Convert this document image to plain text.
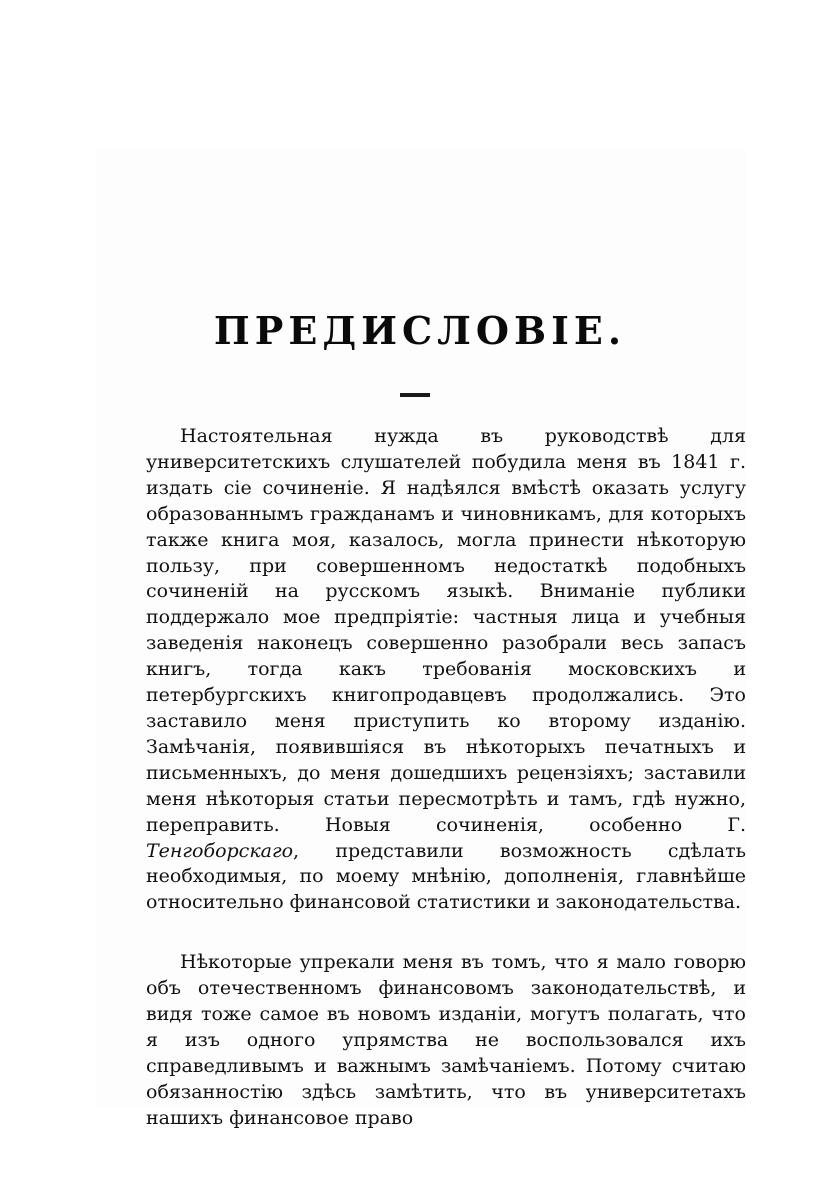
ПРЕДИСЛОВІЕ.

Настоятельная нужда въ руководствѣ для университетскихъ слушателей побудила меня въ 1841 г. издать сіе сочиненіе. Я надѣялся вмѣстѣ оказать услугу образованнымъ гражданамъ и чиновникамъ, для которыхъ также книга моя, казалось, могла принести нѣкоторую пользу, при совершенномъ недостаткѣ подобныхъ сочиненій на русскомъ языкѣ. Вниманіе публики поддержало мое предпріятіе: частныя лица и учебныя заведенія наконецъ совершенно разобрали весь запасъ книгъ, тогда какъ требованія московскихъ и петербургскихъ книгопродавцевъ продолжались. Это заставило меня приступить ко второму изданію. Замѣчанія, появившіяся въ нѣкоторыхъ печатныхъ и письменныхъ, до меня дошедшихъ рецензіяхъ; заставили меня нѣкоторыя статьи пересмотрѣть и тамъ, гдѣ нужно, переправить. Новыя сочиненія, особенно Г. Тенгоборскаго, представили возможность сдѣлать необходимыя, по моему мнѣнію, дополненія, главнѣйше относительно финансовой статистики и законодательства.

Нѣкоторые упрекали меня въ томъ, что я мало говорю объ отечественномъ финансовомъ законодательствѣ, и видя тоже самое въ новомъ изданіи, могутъ полагать, что я изъ одного упрямства не воспользовался ихъ справедливымъ и важнымъ замѣчаніемъ. Потому считаю обязанностію здѣсь замѣтить, что въ университетахъ нашихъ финансовое право
